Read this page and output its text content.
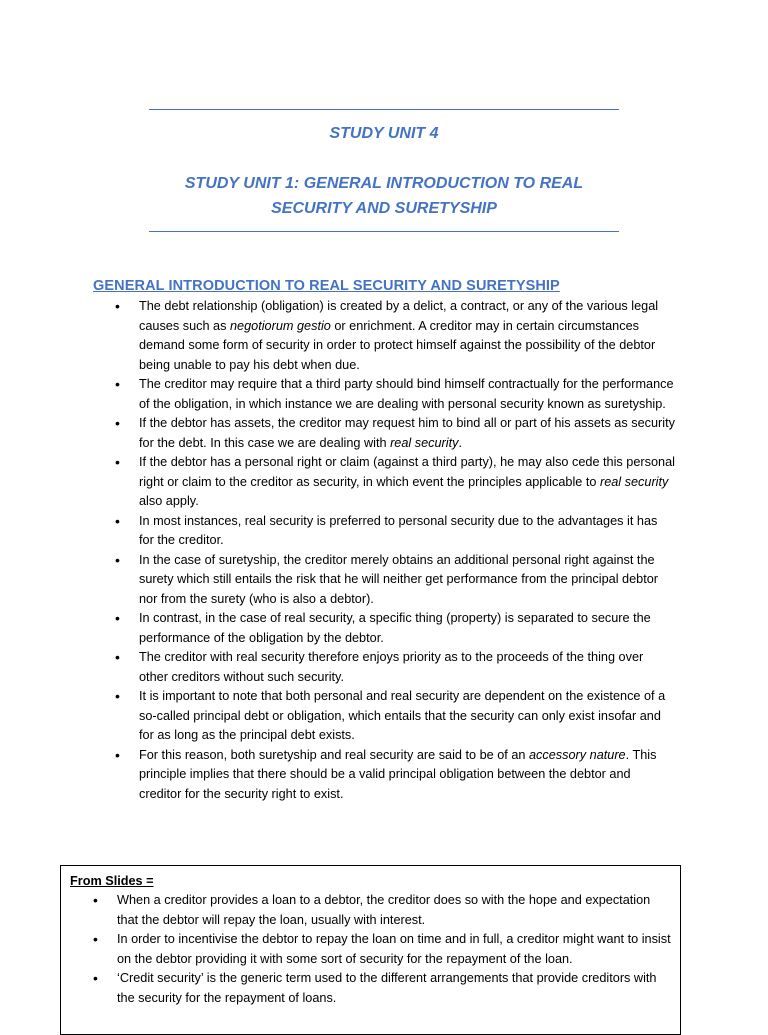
STUDY UNIT 4
STUDY UNIT 1: GENERAL INTRODUCTION TO REAL
SECURITY AND SURETYSHIP
GENERAL INTRODUCTION TO REAL SECURITY AND SURETYSHIP
• The debt relationship (obligation) is created by a delict, a contract, or any of the various legal causes such as negotiorum gestio or enrichment. A creditor may in certain circumstances demand some form of security in order to protect himself against the possibility of the debtor being unable to pay his debt when due.
• The creditor may require that a third party should bind himself contractually for the performance of the obligation, in which instance we are dealing with personal security known as suretyship.
• If the debtor has assets, the creditor may request him to bind all or part of his assets as security for the debt. In this case we are dealing with real security.
• If the debtor has a personal right or claim (against a third party), he may also cede this personal right or claim to the creditor as security, in which event the principles applicable to real security also apply.
• In most instances, real security is preferred to personal security due to the advantages it has for the creditor.
• In the case of suretyship, the creditor merely obtains an additional personal right against the surety which still entails the risk that he will neither get performance from the principal debtor nor from the surety (who is also a debtor).
• In contrast, in the case of real security, a specific thing (property) is separated to secure the performance of the obligation by the debtor.
• The creditor with real security therefore enjoys priority as to the proceeds of the thing over other creditors without such security.
• It is important to note that both personal and real security are dependent on the existence of a so-called principal debt or obligation, which entails that the security can only exist insofar and for as long as the principal debt exists.
• For this reason, both suretyship and real security are said to be of an accessory nature. This principle implies that there should be a valid principal obligation between the debtor and creditor for the security right to exist.
From Slides =
• When a creditor provides a loan to a debtor, the creditor does so with the hope and expectation that the debtor will repay the loan, usually with interest.
• In order to incentivise the debtor to repay the loan on time and in full, a creditor might want to insist on the debtor providing it with some sort of security for the repayment of the loan.
• ‘Credit security’ is the generic term used to the different arrangements that provide creditors with the security for the repayment of loans.
